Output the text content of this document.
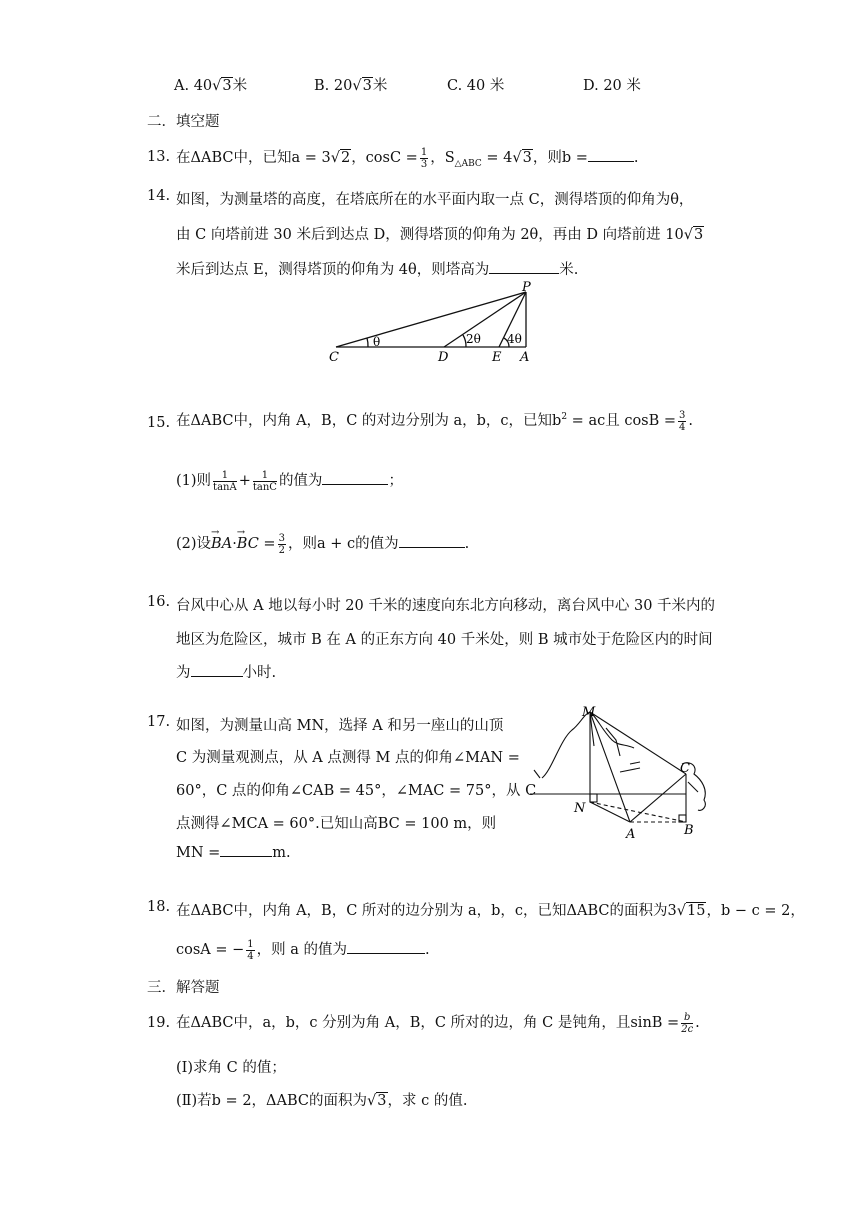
A. 40√3米	B. 20√3米	C. 40 米	D. 20 米
二．填空题
13. 在ΔABC中，已知a = 3√2，$\cos C = \frac{1}{3}$ ，$S_{\triangle ABC} = 4√3$，则b =	.
14. 如图，为测量塔的高度，在塔底所在的水平面内取一点 C，测得塔顶的仰角为θ，
由 C 向塔前进 30 米后到达点 D，测得塔顶的仰角为 2θ，再由 D 向塔前进 10√3
米后到达点 E，测得塔顶的仰角为 4θ，则塔高为	米.
P
C	D	E A
θ	2θ 4θ
15. 在ΔABC中，内角 A，B，C 的对边分别为 a，b，c，已知$b^2$ = ac且 $\cos B = \frac{3}{4}$ .
(1)则 $\frac{1}{\tan A} + \frac{1}{\tan C}$ 的值为	；
(2)设
→
BA·
→
BC = $\frac{3}{2}$ ，则a + c的值为	.
16. 台风中心从 A 地以每小时 20 千米的速度向东北方向移动，离台风中心 30 千米内的
地区为危险区，城市 B 在 A 的正东方向 40 千米处，则 B 城市处于危险区内的时间
为	小时.
17. 如图，为测量山高 MN，选择 A 和另一座山的山顶
C 为测量观测点，从 A 点测得 M 点的仰角∠MAN =
60°，C 点的仰角∠CAB = 45°，∠MAC = 75°，从 C
点测得∠MCA = 60°.已知山高BC = 100 m，则
MN =	m.
M
C
N
A	B
18. 在ΔABC中，内角 A，B，C 所对的边分别为 a，b，c，已知ΔABC的面积为3√15，b − c = 2，
cosA = − $\frac{1}{4}$ ，则 a 的值为	.
三．解答题
19. 在ΔABC中，a，b，c 分别为角 A，B，C 所对的边，角 C 是钝角，且$\sin B = \frac{b}{2c}$ .
(Ⅰ)求角 C 的值；
(Ⅱ)若b = 2，ΔABC的面积为√3，求 c 的值.
